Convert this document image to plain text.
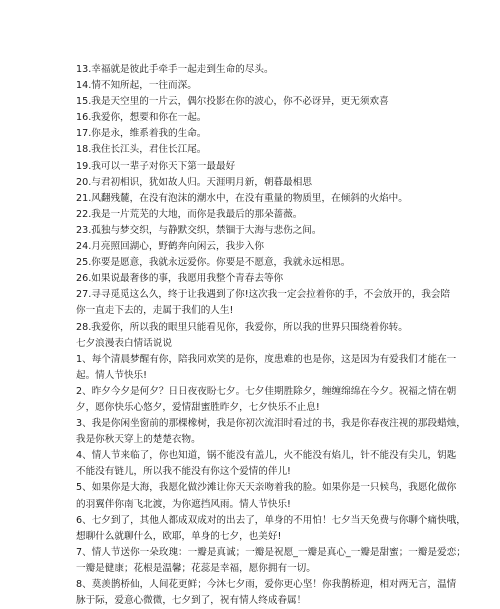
13.幸福就是彼此手牵手一起走到生命的尽头。
14.情不知所起，一往而深。
15.我是天空里的一片云，偶尔投影在你的波心，你不必讶异，更无须欢喜
16.我爱你，想要和你在一起。
17.你是永，维系着我的生命。
18.我住长江头，君住长江尾。
19.我可以一辈子对你天下第一最最好
20.与君初相识，犹如故人归。天涯明月新，朝暮最相思
21.风翻残麓，在没有泡沫的潮水中，在没有重量的物质里，在倾斜的火焰中。
22.我是一片荒芜的大地，而你是我最后的那朵蔷薇。
23.孤独与梦交织，与静默交织，禁锢于大海与悲伤之间。
24.月亮照回湖心，野鹤奔向闲云，我步入你
25.你要是愿意，我就永远爱你。你要是不愿意，我就永远相思。
26.如果说最奢侈的事，我愿用我整个青春去等你
27.寻寻觅觅这么久，终于让我遇到了你!这次我一定会拉着你的手，不会放开的，我会陪
你一直走下去的，走属于我们的人生!
28.我爱你，所以我的眼里只能看见你，我爱你，所以我的世界只围绕着你转。
七夕浪漫表白情话说说
1、每个清晨梦醒有你，陪我同欢笑的是你，度患难的也是你，这是因为有爱我们才能在一
起。情人节快乐!
2、昨夕今夕是何夕？日日夜夜盼七夕。七夕佳期胜除夕，缠缠绵绵在今夕。祝福之情在朝
夕，愿你快乐心悠夕，爱情甜蜜胜昨夕，七夕快乐不止息!
3、我是你闲坐窗前的那棵橡树，我是你初次流泪时看过的书，我是你春夜注视的那段蜡烛，
我是你秋天穿上的楚楚衣物。
4、情人节来临了，你也知道，锅不能没有盖儿，火不能没有焰儿，针不能没有尖儿，钥匙
不能没有链儿，所以我不能没有你这个爱情的伴儿!
5、如果你是大海，我愿化做沙滩让你天天亲吻着我的脸。如果你是一只候鸟，我愿化做你
的羽翼伴你南飞北渡，为你遮挡风雨。情人节快乐!
6、七夕到了，其他人都成双成对的出去了，单身的不用怕！七夕当天免费与你聊个痛快哦，
想聊什么就聊什么，欧耶，单身的七夕，也美好!
7、情人节送你一朵玫瑰：一瓣是真诚；一瓣是祝愿_一瓣是真心_一瓣是甜蜜；一瓣是爱恋；
一瓣是健康；花根是温馨；花蕊是幸福，愿你拥有一切。
8、莫羡鹊桥仙，人间花更鲜；今沐七夕雨，爱你更心坚！你我鹊桥迎，相对两无言，温情
脉于际，爱意心微微，七夕到了，祝有情人终成眷属！
